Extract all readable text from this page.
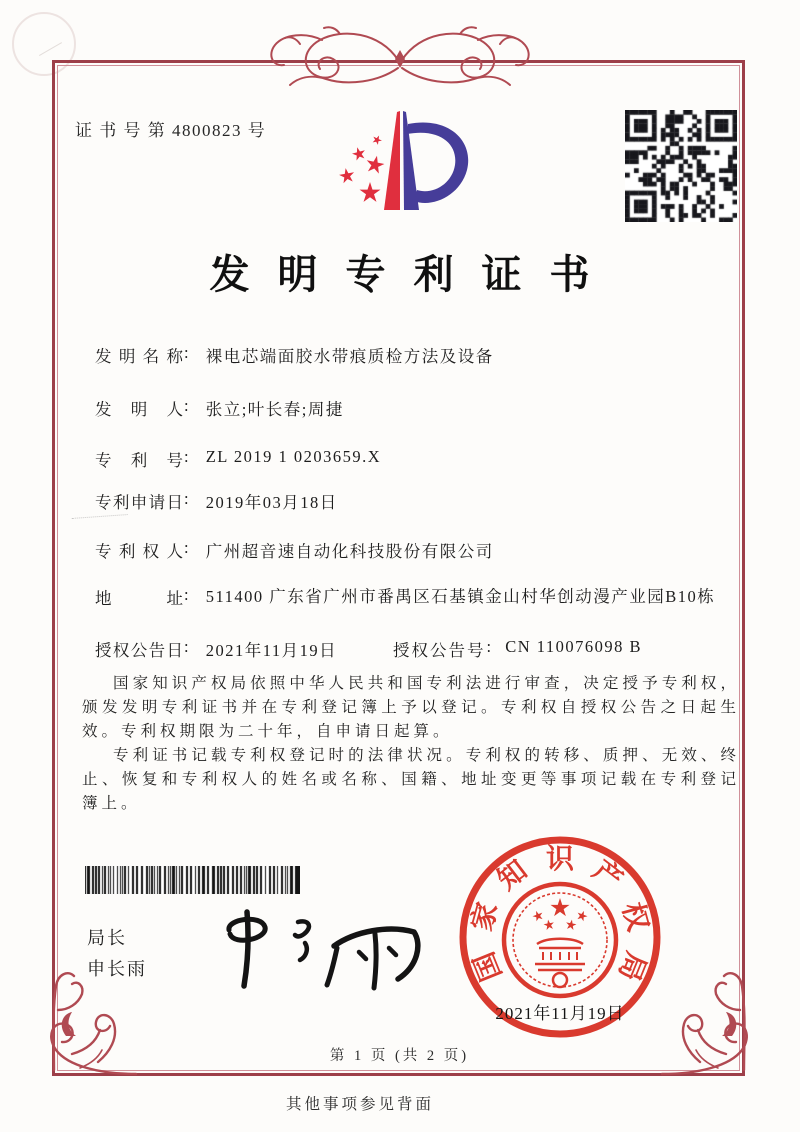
证 书 号 第 4800823 号
发明专利证书
发明名称: 裸电芯端面胶水带痕质检方法及设备
发明人: 张立;叶长春;周捷
专利号: ZL 2019 1 0203659.X
专利申请日: 2019年03月18日
专利权人: 广州超音速自动化科技股份有限公司
地址: 511400 广东省广州市番禺区石基镇金山村华创动漫产业园B10栋
授权公告日: 2021年11月19日	授权公告号: CN 110076098 B

国家知识产权局依照中华人民共和国专利法进行审查，决定授予专利权，颁发发明专利证书并在专利登记簿上予以登记。专利权自授权公告之日起生效。专利权期限为二十年，自申请日起算。

专利证书记载专利权登记时的法律状况。专利权的转移、质押、无效、终止、恢复和专利权人的姓名或名称、国籍、地址变更等事项记载在专利登记簿上。

局长
申长雨	国
家
知 识 产
权
局
2021年11月19日
第 1 页 (共 2 页)
其他事项参见背面
